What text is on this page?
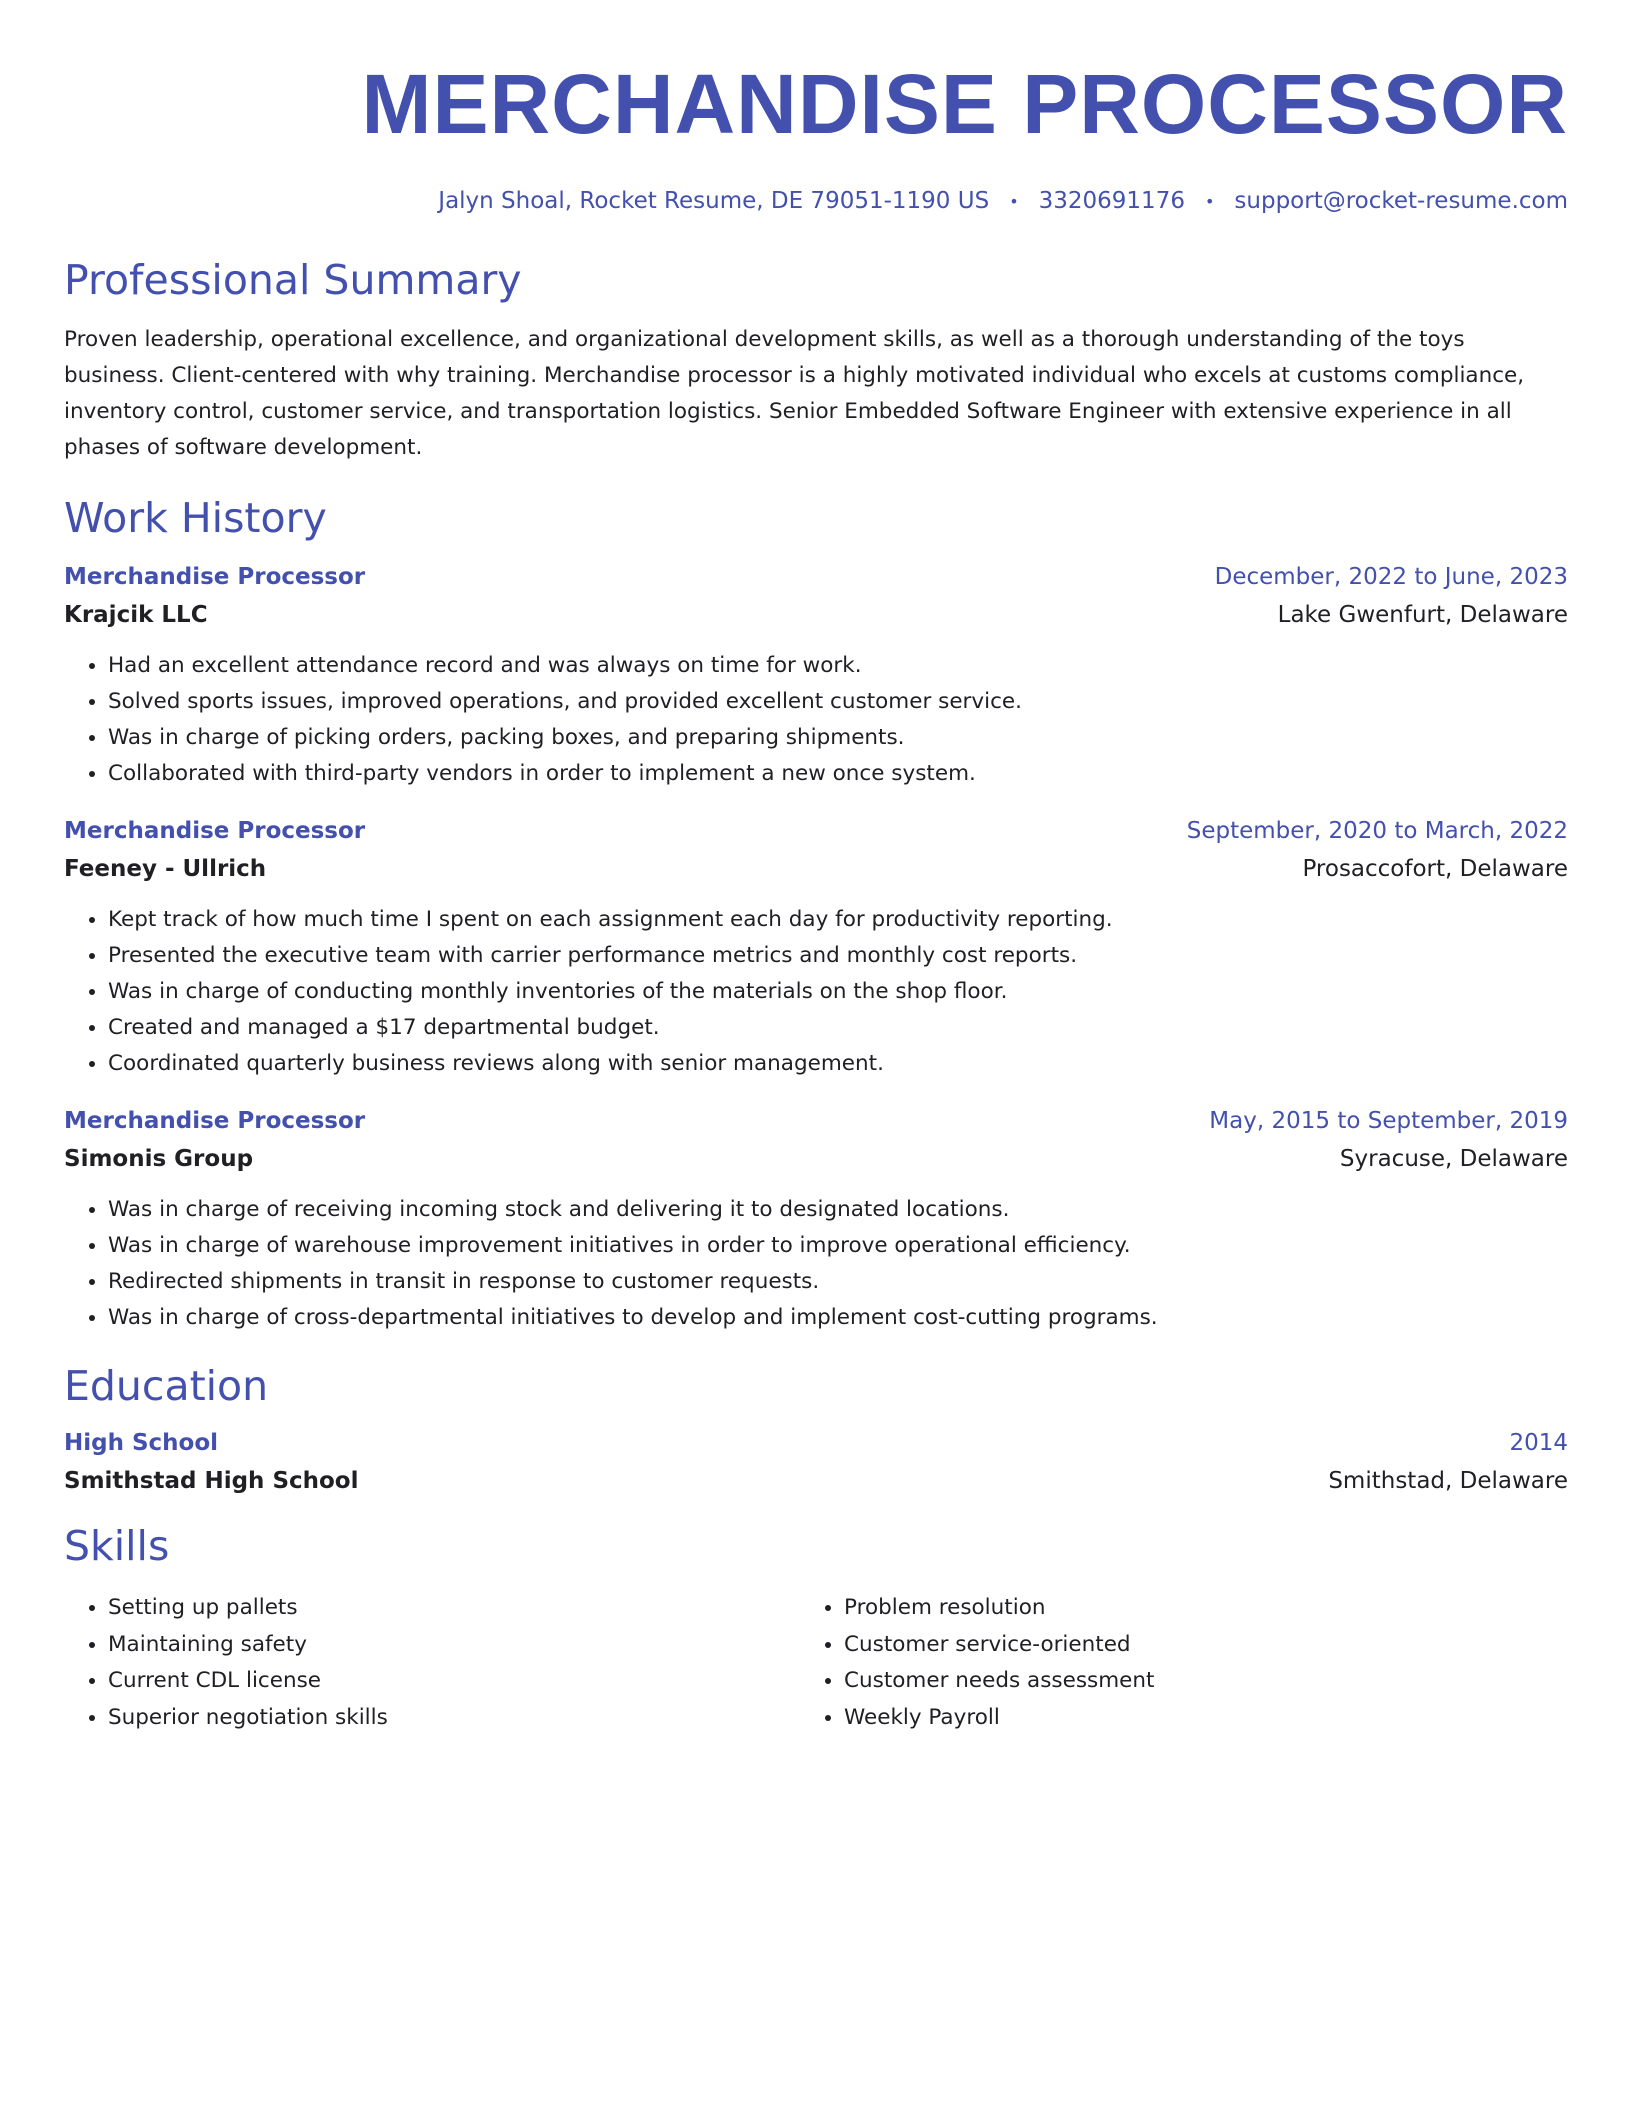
MERCHANDISE PROCESSOR
Jalyn Shoal, Rocket Resume, DE 79051-1190 US • 3320691176 • support@rocket-resume.com
Professional Summary

Proven leadership, operational excellence, and organizational development skills, as well as a thorough understanding of the toys business. Client-centered with why training. Merchandise processor is a highly motivated individual who excels at customs compliance, inventory control, customer service, and transportation logistics. Senior Embedded Software Engineer with extensive experience in all phases of software development.

Work History
Merchandise Processor	December, 2022 to June, 2023
Krajcik LLC	Lake Gwenfurt, Delaware
• Had an excellent attendance record and was always on time for work.
• Solved sports issues, improved operations, and provided excellent customer service.
• Was in charge of picking orders, packing boxes, and preparing shipments.
• Collaborated with third-party vendors in order to implement a new once system.
Merchandise Processor	September, 2020 to March, 2022
Feeney - Ullrich	Prosaccofort, Delaware
• Kept track of how much time I spent on each assignment each day for productivity reporting.
• Presented the executive team with carrier performance metrics and monthly cost reports.
• Was in charge of conducting monthly inventories of the materials on the shop floor.
• Created and managed a $17 departmental budget.
• Coordinated quarterly business reviews along with senior management.
Merchandise Processor	May, 2015 to September, 2019
Simonis Group	Syracuse, Delaware
• Was in charge of receiving incoming stock and delivering it to designated locations.
• Was in charge of warehouse improvement initiatives in order to improve operational efficiency.
• Redirected shipments in transit in response to customer requests.
• Was in charge of cross-departmental initiatives to develop and implement cost-cutting programs.
Education
High School	2014
Smithstad High School	Smithstad, Delaware
Skills
• Setting up pallets
• Maintaining safety
• Current CDL license
• Superior negotiation skills
• Problem resolution
• Customer service-oriented
• Customer needs assessment
• Weekly Payroll
